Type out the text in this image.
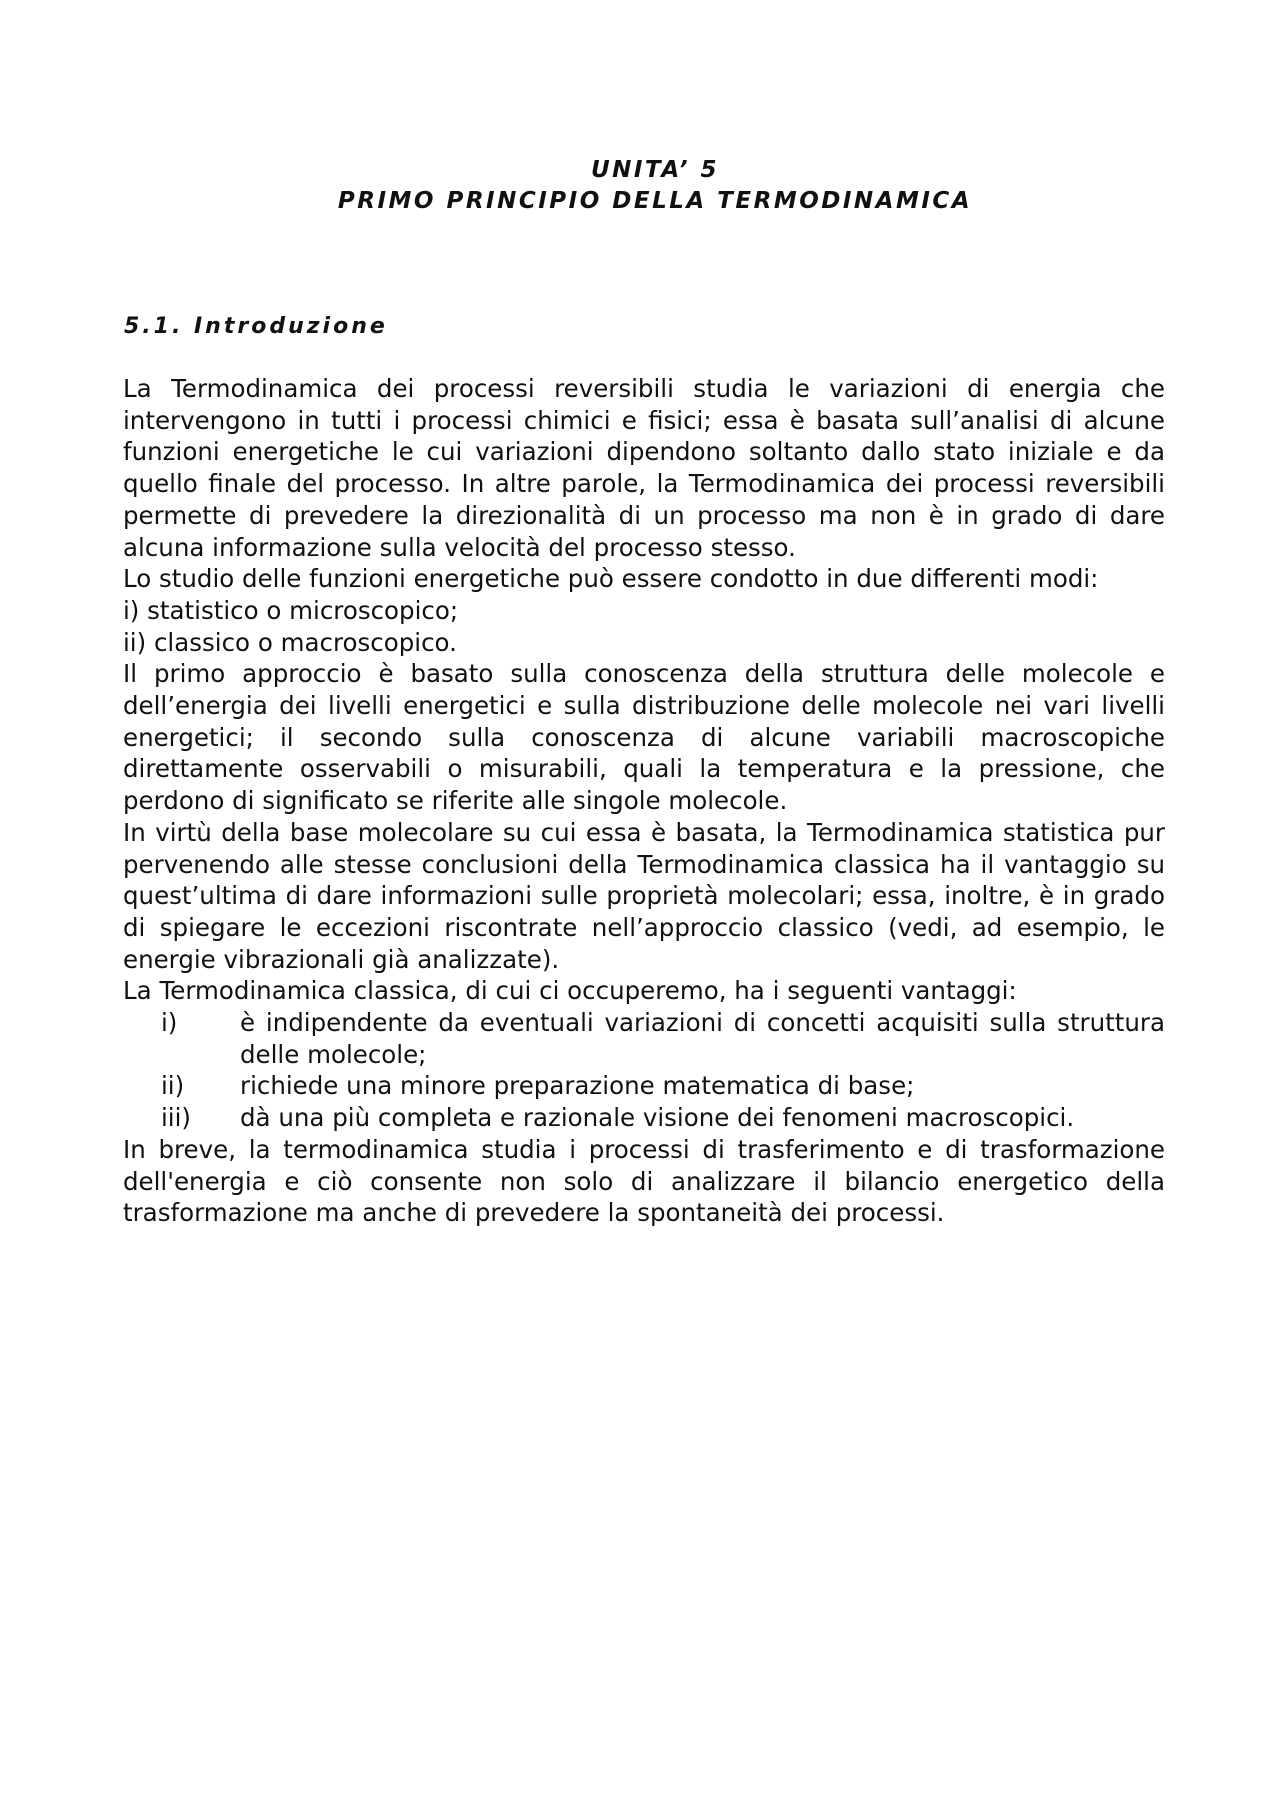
UNITA’ 5
PRIMO PRINCIPIO DELLA TERMODINAMICA
5.1. Introduzione

La Termodinamica dei processi reversibili studia le variazioni di energia che intervengono in tutti i processi chimici e fisici; essa è basata sull’analisi di alcune funzioni energetiche le cui variazioni dipendono soltanto dallo stato iniziale e da quello finale del processo. In altre parole, la Termodinamica dei processi reversibili permette di prevedere la direzionalità di un processo ma non è in grado di dare alcuna informazione sulla velocità del processo stesso.

Lo studio delle funzioni energetiche può essere condotto in due differenti modi:

i) statistico o microscopico;

ii) classico o macroscopico.

Il primo approccio è basato sulla conoscenza della struttura delle molecole e dell’energia dei livelli energetici e sulla distribuzione delle molecole nei vari livelli energetici; il secondo sulla conoscenza di alcune variabili macroscopiche direttamente osservabili o misurabili, quali la temperatura e la pressione, che perdono di significato se riferite alle singole molecole.

In virtù della base molecolare su cui essa è basata, la Termodinamica statistica pur pervenendo alle stesse conclusioni della Termodinamica classica ha il vantaggio su quest’ultima di dare informazioni sulle proprietà molecolari; essa, inoltre, è in grado di spiegare le eccezioni riscontrate nell’approccio classico (vedi, ad esempio, le energie vibrazionali già analizzate).

La Termodinamica classica, di cui ci occuperemo, ha i seguenti vantaggi:

i)	è indipendente da eventuali variazioni di concetti acquisiti sulla struttura delle molecole;
ii)	richiede una minore preparazione matematica di base;
iii)	dà una più completa e razionale visione dei fenomeni macroscopici.

In breve, la termodinamica studia i processi di trasferimento e di trasformazione dell'energia e ciò consente non solo di analizzare il bilancio energetico della trasformazione ma anche di prevedere la spontaneità dei processi.
